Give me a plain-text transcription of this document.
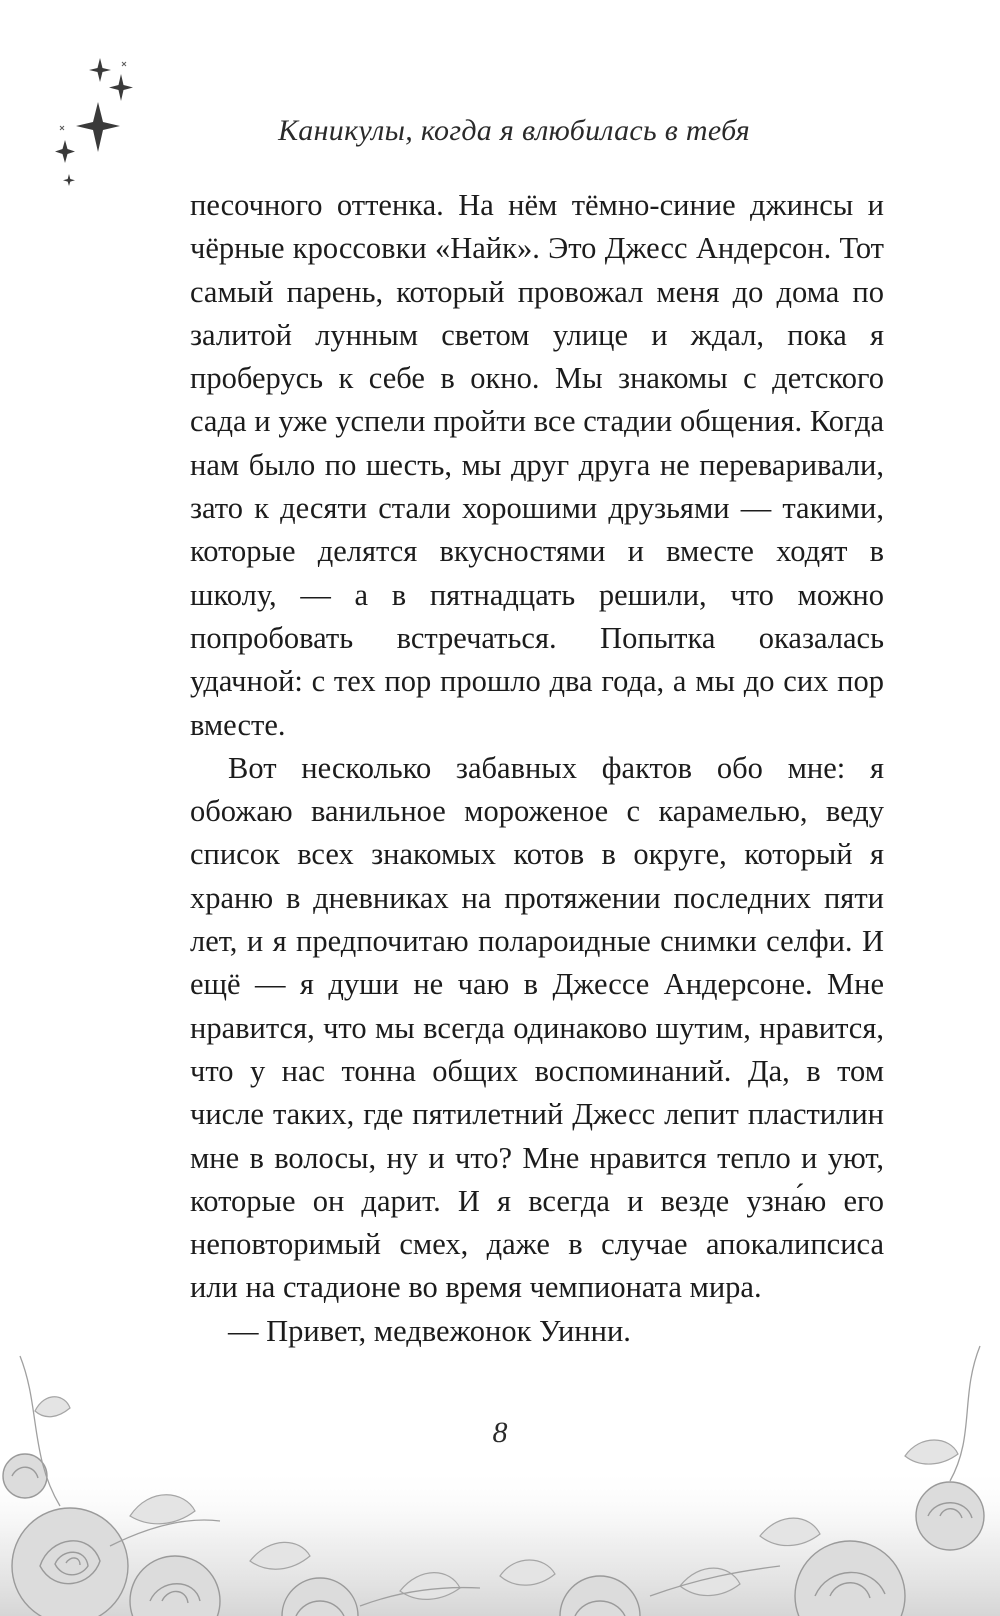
Каникулы, когда я влюбилась в тебя

песочного оттенка. На нём тёмно-синие джинсы и чёрные кроссовки «Найк». Это Джесс Андерсон. Тот самый парень, который провожал меня до дома по залитой лунным светом улице и ждал, пока я проберусь к себе в окно. Мы знакомы с детского сада и уже успели пройти все стадии общения. Когда нам было по шесть, мы друг друга не переваривали, зато к десяти стали хорошими друзьями — такими, которые делятся вкусностями и вместе ходят в школу, — а в пятнадцать решили, что можно попробовать встречаться. Попытка оказалась удачной: с тех пор прошло два года, а мы до сих пор вместе.

Вот несколько забавных фактов обо мне: я обожаю ванильное мороженое с карамелью, веду список всех знакомых котов в округе, который я храню в дневниках на протяжении последних пяти лет, и я предпочитаю полароидные снимки селфи. И ещё — я души не чаю в Джессе Андерсоне. Мне нравится, что мы всегда одинаково шутим, нравится, что у нас тонна общих воспоминаний. Да, в том числе таких, где пятилетний Джесс лепит пластилин мне в волосы, ну и что? Мне нравится тепло и уют, которые он дарит. И я всегда и везде узна́ю его неповторимый смех, даже в случае апокалипсиса или на стадионе во время чемпионата мира.

— Привет, медвежонок Уинни.

8
